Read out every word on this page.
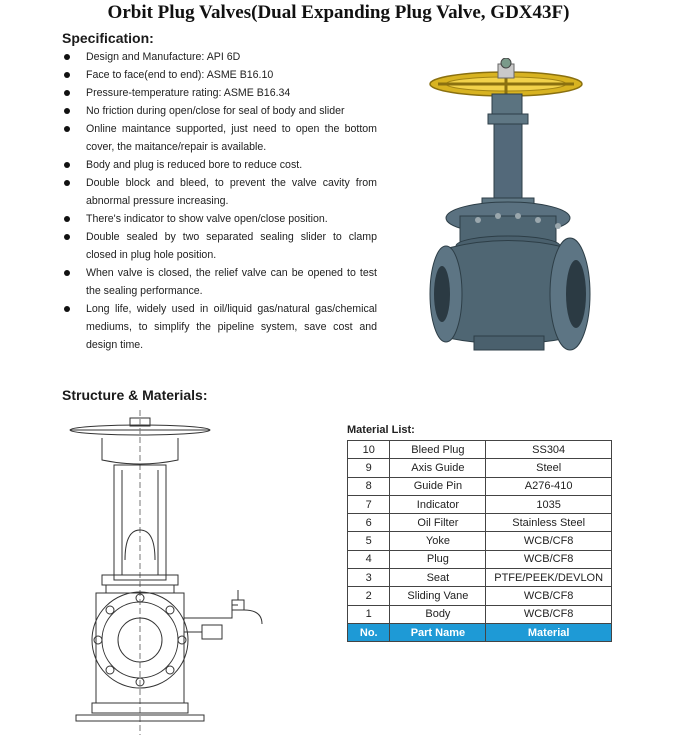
Orbit Plug Valves(Dual Expanding Plug Valve, GDX43F)
Specification:
Design and Manufacture: API 6D
Face to face(end to end): ASME B16.10
Pressure-temperature rating: ASME B16.34
No friction during open/close for seal of body and slider
Online maintance supported, just need to open the bottom cover, the maitance/repair is available.
Body and plug is reduced bore to reduce cost.
Double block and bleed, to prevent the valve cavity from abnormal pressure increasing.
There's indicator to show valve open/close position.
Double sealed by two separated sealing slider to clamp closed in plug hole position.
When valve is closed, the relief valve can be opened to test the sealing performance.
Long life, widely used in oil/liquid gas/natural gas/chemical mediums, to simplify the pipeline system, save cost and design time.
Structure & Materials:
Material List:
10	Bleed Plug	SS304
9	Axis Guide	Steel
8	Guide Pin	A276-410
7	Indicator	1035
6	Oil Filter	Stainless Steel
5	Yoke	WCB/CF8
4	Plug	WCB/CF8
3	Seat	PTFE/PEEK/DEVLON
2	Sliding Vane	WCB/CF8
1	Body	WCB/CF8
No.	Part Name	Material
